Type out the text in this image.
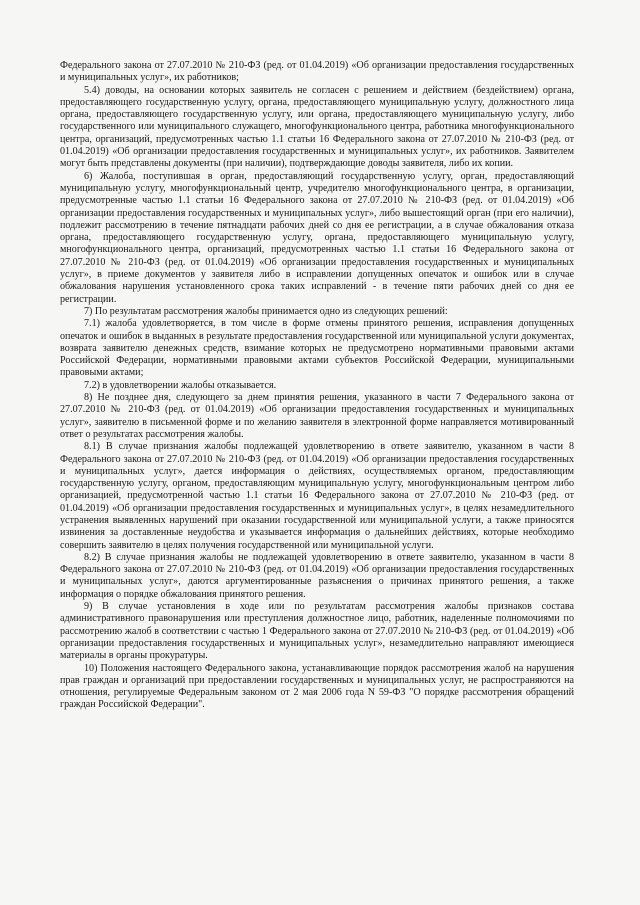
Федерального закона от 27.07.2010 № 210-ФЗ (ред. от 01.04.2019) «Об организации предоставления государственных и муниципальных услуг», их работников;

5.4) доводы, на основании которых заявитель не согласен с решением и действием (бездействием) органа, предоставляющего государственную услугу, органа, предоставляющего муниципальную услугу, должностного лица органа, предоставляющего государственную услугу, или органа, предоставляющего муниципальную услугу, либо государственного или муниципального служащего, многофункционального центра, работника многофункционального центра, организаций, предусмотренных частью 1.1 статьи 16 Федерального закона от 27.07.2010 № 210-ФЗ (ред. от 01.04.2019) «Об организации предоставления государственных и муниципальных услуг», их работников. Заявителем могут быть представлены документы (при наличии), подтверждающие доводы заявителя, либо их копии.

6) Жалоба, поступившая в орган, предоставляющий государственную услугу, орган, предоставляющий муниципальную услугу, многофункциональный центр, учредителю многофункционального центра, в организации, предусмотренные частью 1.1 статьи 16 Федерального закона от 27.07.2010 № 210-ФЗ (ред. от 01.04.2019) «Об организации предоставления государственных и муниципальных услуг», либо вышестоящий орган (при его наличии), подлежит рассмотрению в течение пятнадцати рабочих дней со дня ее регистрации, а в случае обжалования отказа органа, предоставляющего государственную услугу, органа, предоставляющего муниципальную услугу, многофункционального центра, организаций, предусмотренных частью 1.1 статьи 16 Федерального закона от 27.07.2010 № 210-ФЗ (ред. от 01.04.2019) «Об организации предоставления государственных и муниципальных услуг», в приеме документов у заявителя либо в исправлении допущенных опечаток и ошибок или в случае обжалования нарушения установленного срока таких исправлений - в течение пяти рабочих дней со дня ее регистрации.

7) По результатам рассмотрения жалобы принимается одно из следующих решений:

7.1) жалоба удовлетворяется, в том числе в форме отмены принятого решения, исправления допущенных опечаток и ошибок в выданных в результате предоставления государственной или муниципальной услуги документах, возврата заявителю денежных средств, взимание которых не предусмотрено нормативными правовыми актами Российской Федерации, нормативными правовыми актами субъектов Российской Федерации, муниципальными правовыми актами;

7.2) в удовлетворении жалобы отказывается.

8) Не позднее дня, следующего за днем принятия решения, указанного в части 7 Федерального закона от 27.07.2010 № 210-ФЗ (ред. от 01.04.2019) «Об организации предоставления государственных и муниципальных услуг», заявителю в письменной форме и по желанию заявителя в электронной форме направляется мотивированный ответ о результатах рассмотрения жалобы.

8.1) В случае признания жалобы подлежащей удовлетворению в ответе заявителю, указанном в части 8 Федерального закона от 27.07.2010 № 210-ФЗ (ред. от 01.04.2019) «Об организации предоставления государственных и муниципальных услуг», дается информация о действиях, осуществляемых органом, предоставляющим государственную услугу, органом, предоставляющим муниципальную услугу, многофункциональным центром либо организацией, предусмотренной частью 1.1 статьи 16 Федерального закона от 27.07.2010 № 210-ФЗ (ред. от 01.04.2019) «Об организации предоставления государственных и муниципальных услуг», в целях незамедлительного устранения выявленных нарушений при оказании государственной или муниципальной услуги, а также приносятся извинения за доставленные неудобства и указывается информация о дальнейших действиях, которые необходимо совершить заявителю в целях получения государственной или муниципальной услуги.

8.2) В случае признания жалобы не подлежащей удовлетворению в ответе заявителю, указанном в части 8 Федерального закона от 27.07.2010 № 210-ФЗ (ред. от 01.04.2019) «Об организации предоставления государственных и муниципальных услуг», даются аргументированные разъяснения о причинах принятого решения, а также информация о порядке обжалования принятого решения.

9) В случае установления в ходе или по результатам рассмотрения жалобы признаков состава административного правонарушения или преступления должностное лицо, работник, наделенные полномочиями по рассмотрению жалоб в соответствии с частью 1 Федерального закона от 27.07.2010 № 210-ФЗ (ред. от 01.04.2019) «Об организации предоставления государственных и муниципальных услуг», незамедлительно направляют имеющиеся материалы в органы прокуратуры.

10) Положения настоящего Федерального закона, устанавливающие порядок рассмотрения жалоб на нарушения прав граждан и организаций при предоставлении государственных и муниципальных услуг, не распространяются на отношения, регулируемые Федеральным законом от 2 мая 2006 года N 59-ФЗ "О порядке рассмотрения обращений граждан Российской Федерации".
